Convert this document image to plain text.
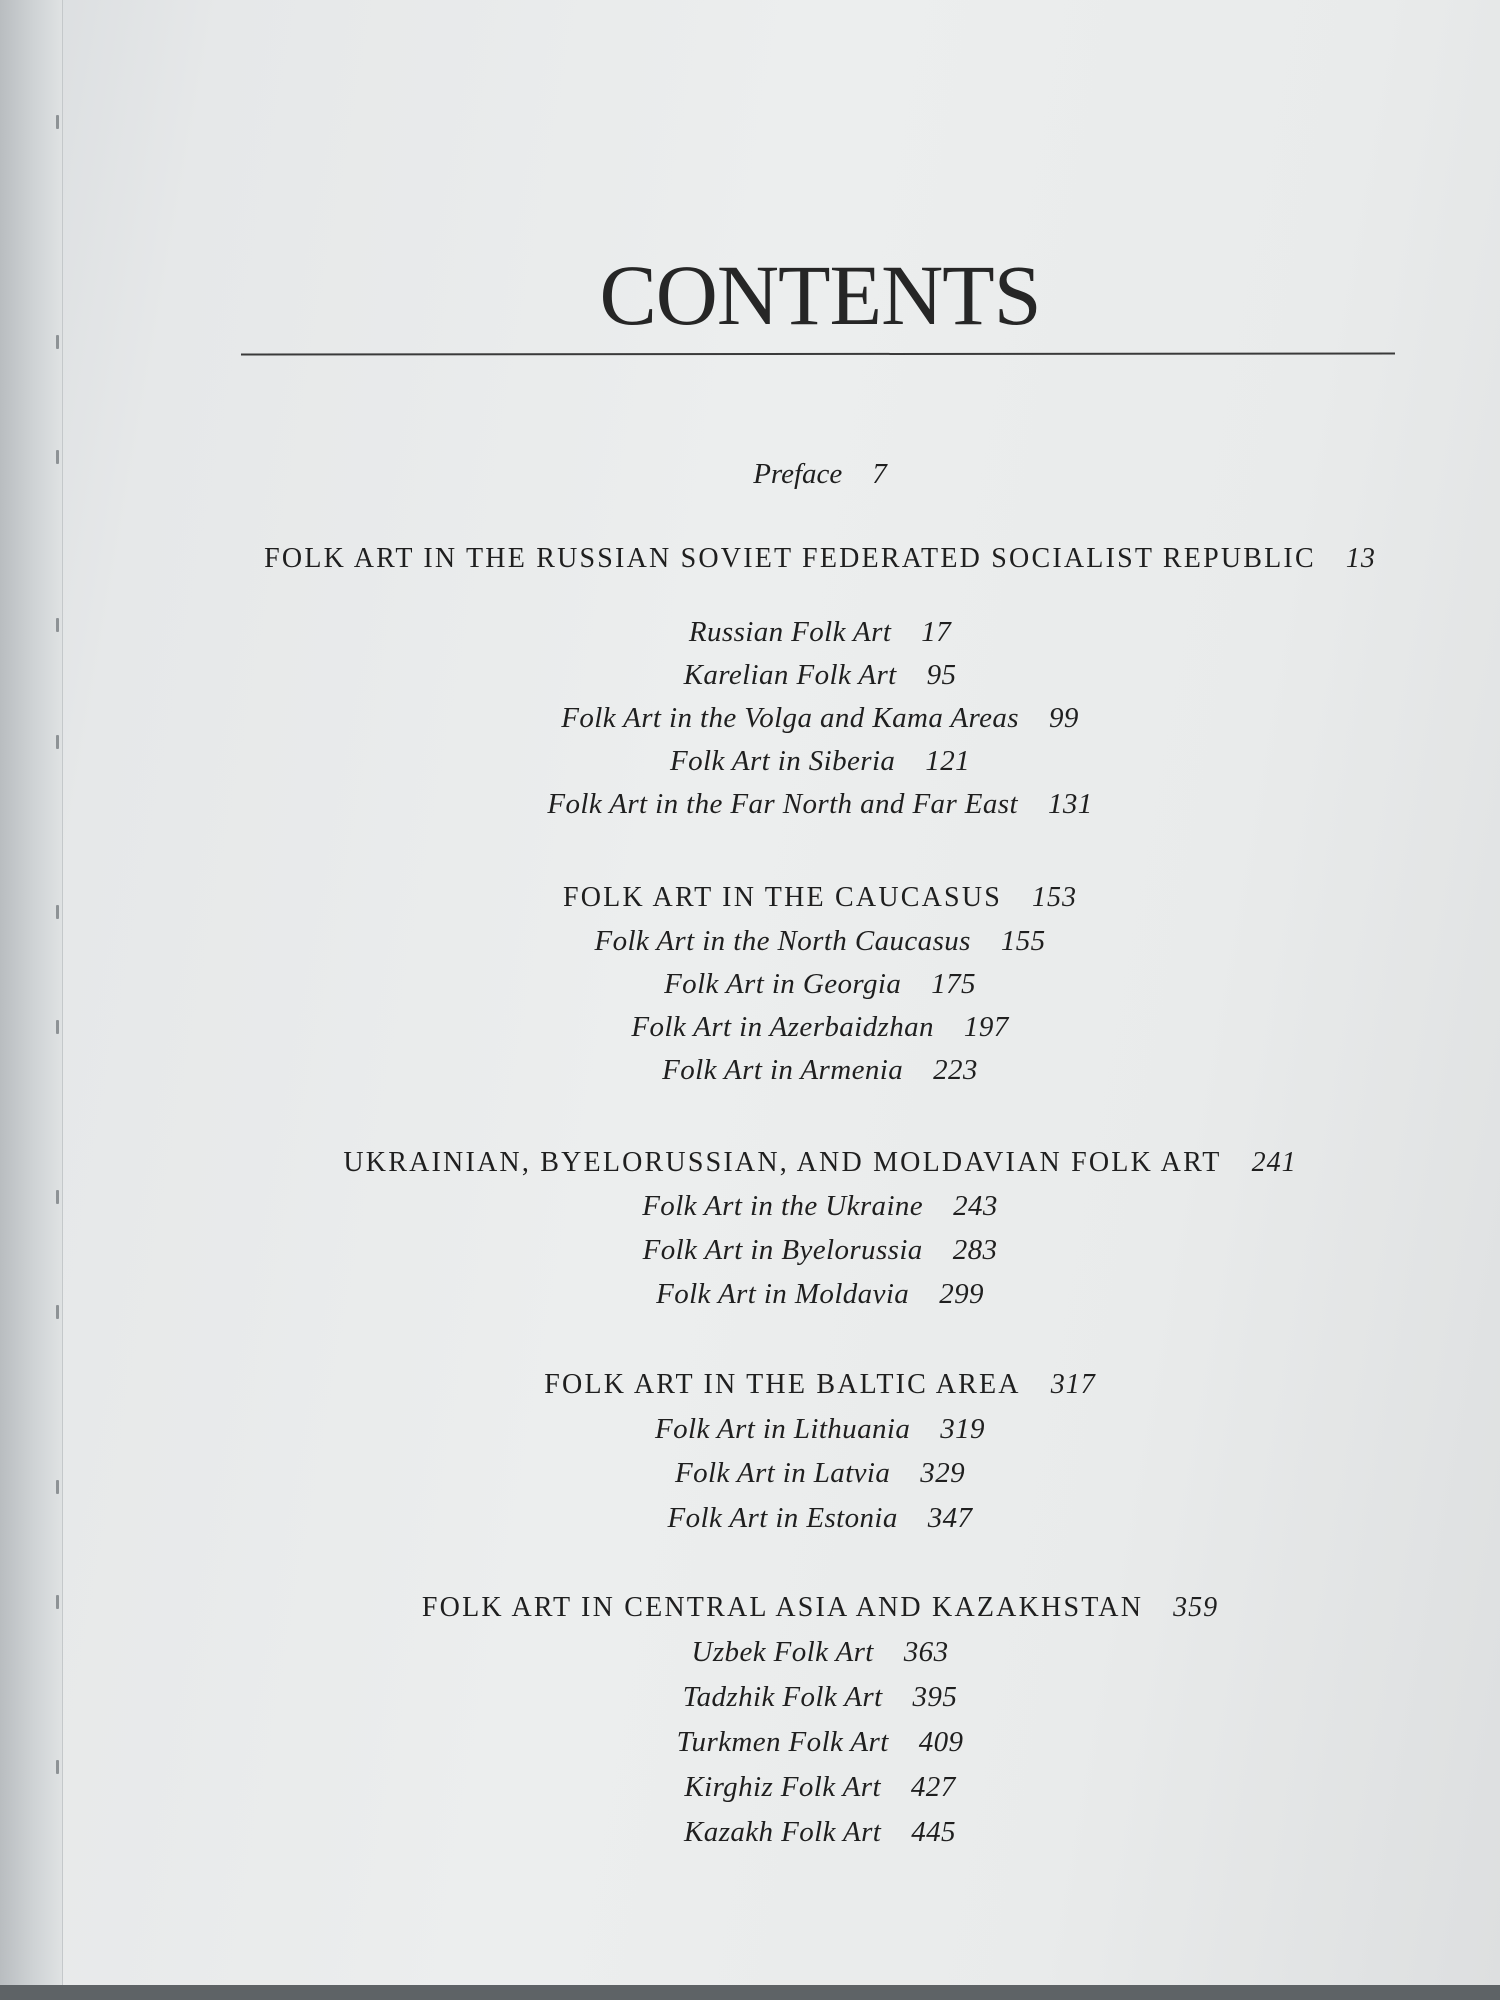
CONTENTS
Preface 7
FOLK ART IN THE RUSSIAN SOVIET FEDERATED SOCIALIST REPUBLIC 13
Russian Folk Art 17
Karelian Folk Art 95
Folk Art in the Volga and Kama Areas 99
Folk Art in Siberia 121
Folk Art in the Far North and Far East 131
FOLK ART IN THE CAUCASUS 153
Folk Art in the North Caucasus 155
Folk Art in Georgia 175
Folk Art in Azerbaidzhan 197
Folk Art in Armenia 223
UKRAINIAN, BYELORUSSIAN, AND MOLDAVIAN FOLK ART 241
Folk Art in the Ukraine 243
Folk Art in Byelorussia 283
Folk Art in Moldavia 299
FOLK ART IN THE BALTIC AREA 317
Folk Art in Lithuania 319
Folk Art in Latvia 329
Folk Art in Estonia 347
FOLK ART IN CENTRAL ASIA AND KAZAKHSTAN 359
Uzbek Folk Art 363
Tadzhik Folk Art 395
Turkmen Folk Art 409
Kirghiz Folk Art 427
Kazakh Folk Art 445
